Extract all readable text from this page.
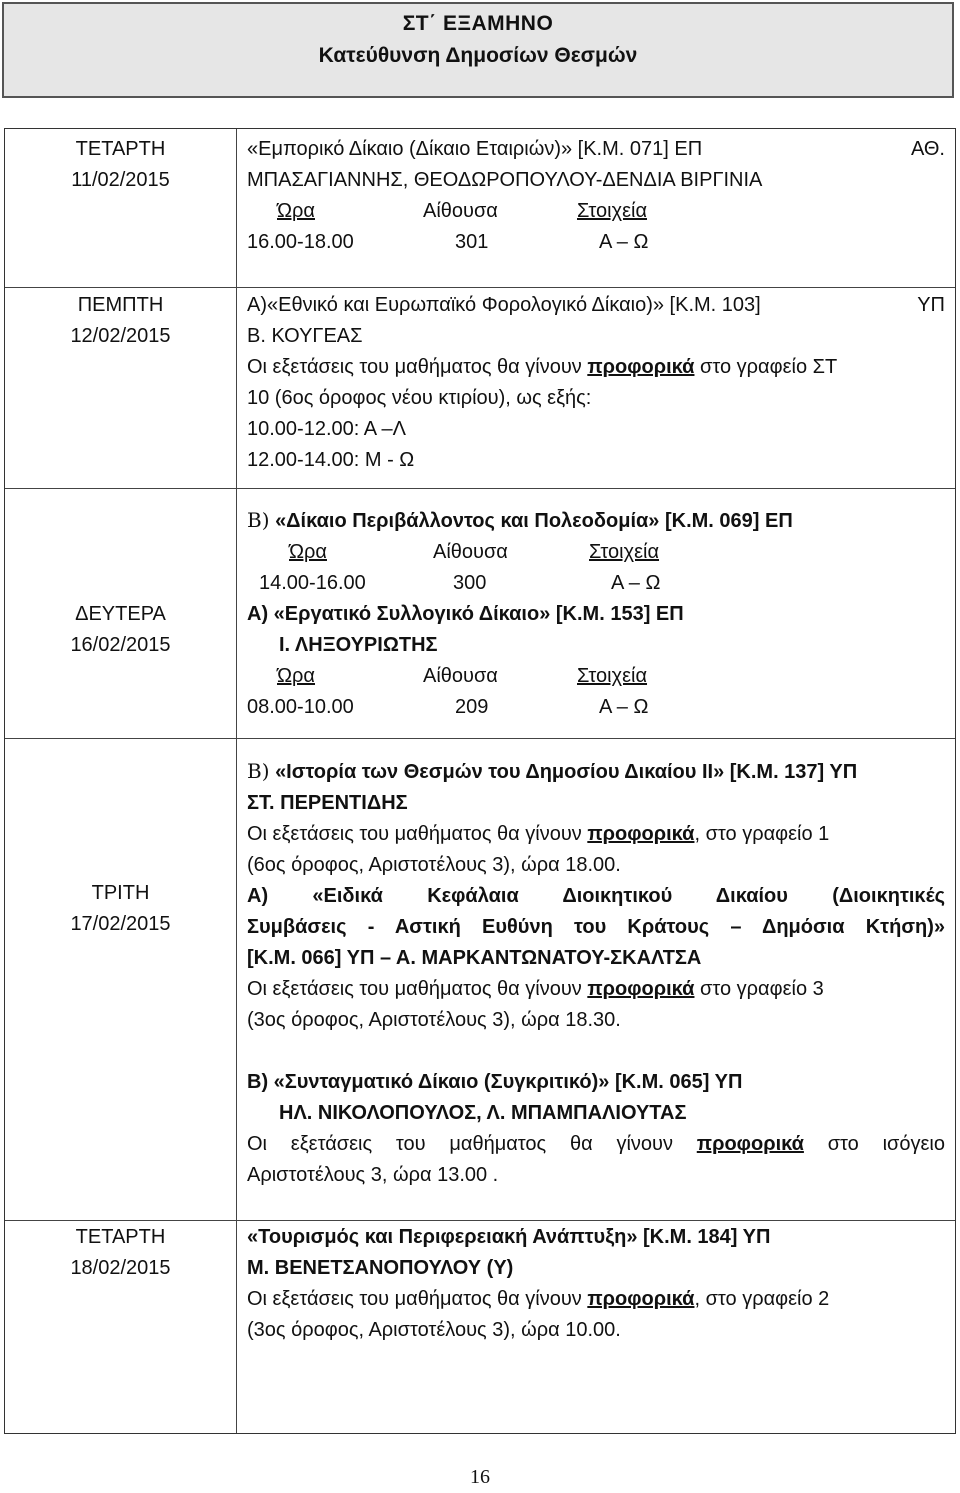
ΣΤ΄ ΕΞΑΜΗΝΟ
Κατεύθυνση Δημοσίων Θεσμών
ΤΕΤΑΡΤΗ
11/02/2015

«Εμπορικό Δίκαιο (Δίκαιο Εταιριών)» [Κ.Μ. 071] ΕΠ	ΑΘ.

ΜΠΑΣΑΓΙΑΝΝΗΣ, ΘΕΟΔΩΡΟΠΟΥΛΟΥ-ΔΕΝΔΙΑ ΒΙΡΓΙΝΙΑ

Ώρα	Αίθουσα	Στοιχεία
16.00-18.00	301	Α – Ω
ΠΕΜΠΤΗ
12/02/2015

Α)«Εθνικό και Ευρωπαϊκό Φορολογικό Δίκαιο)» [Κ.Μ. 103]	ΥΠ

Β. ΚΟΥΓΕΑΣ

Οι εξετάσεις του μαθήματος θα γίνουν προφορικά στο γραφείο ΣΤ

10 (6ος όροφος νέου κτιρίου), ως εξής:

10.00-12.00: Α –Λ

12.00-14.00: Μ - Ω

ΔΕΥΤΕΡΑ
16/02/2015

Β) «Δίκαιο Περιβάλλοντος και Πολεοδομία» [Κ.Μ. 069] ΕΠ

Ώρα	Αίθουσα	Στοιχεία
14.00-16.00	300	Α – Ω

Α) «Εργατικό Συλλογικό Δίκαιο» [Κ.Μ. 153] ΕΠ

Ι. ΛΗΞΟΥΡΙΩΤΗΣ

Ώρα	Αίθουσα	Στοιχεία
08.00-10.00	209	Α – Ω
ΤΡΙΤΗ
17/02/2015

Β) «Ιστορία των Θεσμών του Δημοσίου Δικαίου ΙΙ» [Κ.Μ. 137] ΥΠ

ΣΤ. ΠΕΡΕΝΤΙΔΗΣ

Οι εξετάσεις του μαθήματος θα γίνουν προφορικά, στο γραφείο 1

(6ος όροφος, Αριστοτέλους 3), ώρα 18.00.

Α) «Ειδικά Κεφάλαια Διοικητικού Δικαίου (Διοικητικές

Συμβάσεις - Αστική Ευθύνη του Κράτους – Δημόσια Κτήση)»

[Κ.Μ. 066] ΥΠ – Α. ΜΑΡΚΑΝΤΩΝΑΤΟΥ-ΣΚΑΛΤΣΑ

Οι εξετάσεις του μαθήματος θα γίνουν προφορικά στο γραφείο 3

(3ος όροφος, Αριστοτέλους 3), ώρα 18.30.

Β) «Συνταγματικό Δίκαιο (Συγκριτικό)» [Κ.Μ. 065] ΥΠ

ΗΛ. ΝΙΚΟΛΟΠΟΥΛΟΣ, Λ. ΜΠΑΜΠΑΛΙΟΥΤΑΣ

Οι εξετάσεις του μαθήματος θα γίνουν προφορικά στο ισόγειο

Αριστοτέλους 3, ώρα 13.00 .

ΤΕΤΑΡΤΗ
18/02/2015

«Τουρισμός και Περιφερειακή Ανάπτυξη» [Κ.Μ. 184] ΥΠ

Μ. ΒΕΝΕΤΣΑΝΟΠΟΥΛΟΥ (Υ)

Οι εξετάσεις του μαθήματος θα γίνουν προφορικά, στο γραφείο 2

(3ος όροφος, Αριστοτέλους 3), ώρα 10.00.

16
